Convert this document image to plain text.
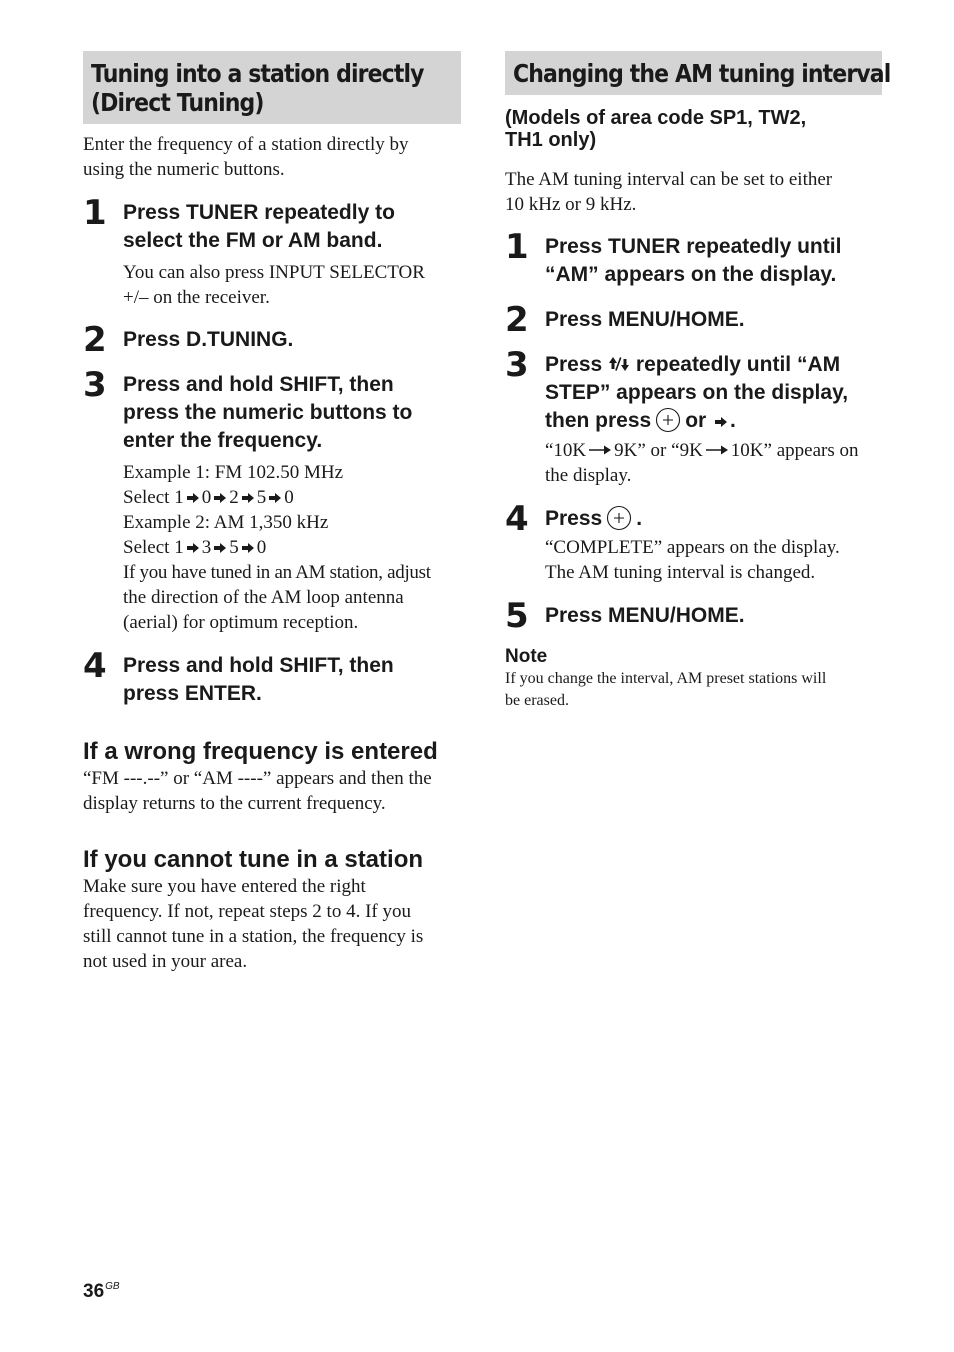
Tuning into a station directly
(Direct Tuning)

Enter the frequency of a station directly by
using the numeric buttons.

1 Press TUNER repeatedly to
select the FM or AM band.

You can also press INPUT SELECTOR
+/– on the receiver.

2 Press D.TUNING.

3 Press and hold SHIFT, then
press the numeric buttons to
enter the frequency.

Example 1: FM 102.50 MHz
Select 1 0 2 5 0
Example 2: AM 1,350 kHz
Select 1 3 5 0
If you have tuned in an AM station, adjust
the direction of the AM loop antenna
(aerial) for optimum reception.
4 Press and hold SHIFT, then
press ENTER.

If a wrong frequency is entered

“FM ---.--” or “AM ----” appears and then the
display returns to the current frequency.

If you cannot tune in a station

Make sure you have entered the right
frequency. If not, repeat steps 2 to 4. If you
still cannot tune in a station, the frequency is
not used in your area.

Changing the AM tuning interval

(Models of area code SP1, TW2,
TH1 only)

The AM tuning interval can be set to either
10 kHz or 9 kHz.

1 Press TUNER repeatedly until
“AM” appears on the display.

2 Press MENU/HOME.

3 Press repeatedly until “AM
STEP” appears on the display,
then press or .

“10K 9K” or “9K 10K” appears on
the display.

4 Press .

“COMPLETE” appears on the display.
The AM tuning interval is changed.

5 Press MENU/HOME.

Note

If you change the interval, AM preset stations will
be erased.

$36^{GB}$
